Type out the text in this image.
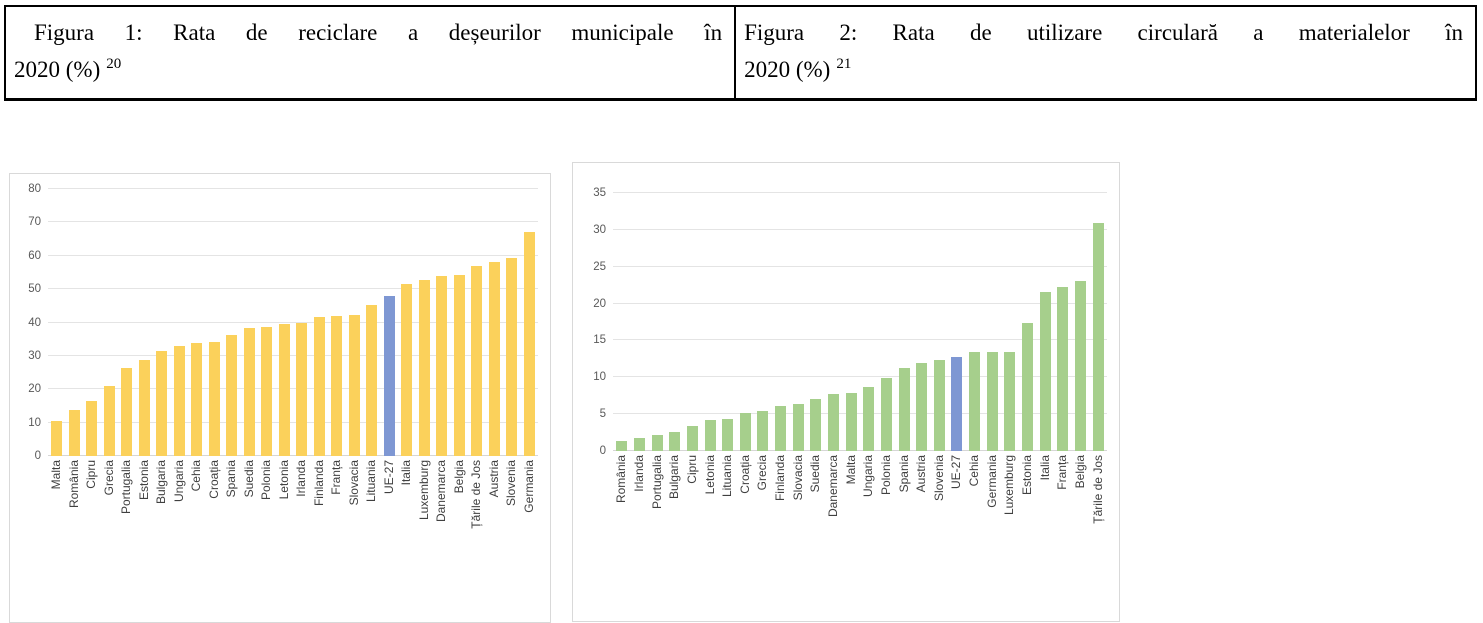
Figura 1: Rata de reciclare a deșeurilor municipale în
2020 (%) $^{20}$
Figura 2: Rata de utilizare circulară a materialelor în
2020 (%) $^{21}$
0
10
20
30
40
50
60
70
80
Malta România Cipru Grecia Portugalia Estonia Bulgaria Ungaria Cehia Croația Spania Suedia Polonia Letonia Irlanda Finlanda Franța Slovacia Lituania UE-27 Italia Luxemburg Danemarca Belgia Țările de Jos Austria Slovenia Germania
0
5
10
15
20
25
30
35
România Irlanda Portugalia Bulgaria Cipru Letonia Lituania Croația Grecia Finlanda Slovacia Suedia Danemarca Malta Ungaria Polonia Spania Austria Slovenia UE-27 Cehia Germania Luxemburg Estonia Italia Franța Belgia Țările de Jos
